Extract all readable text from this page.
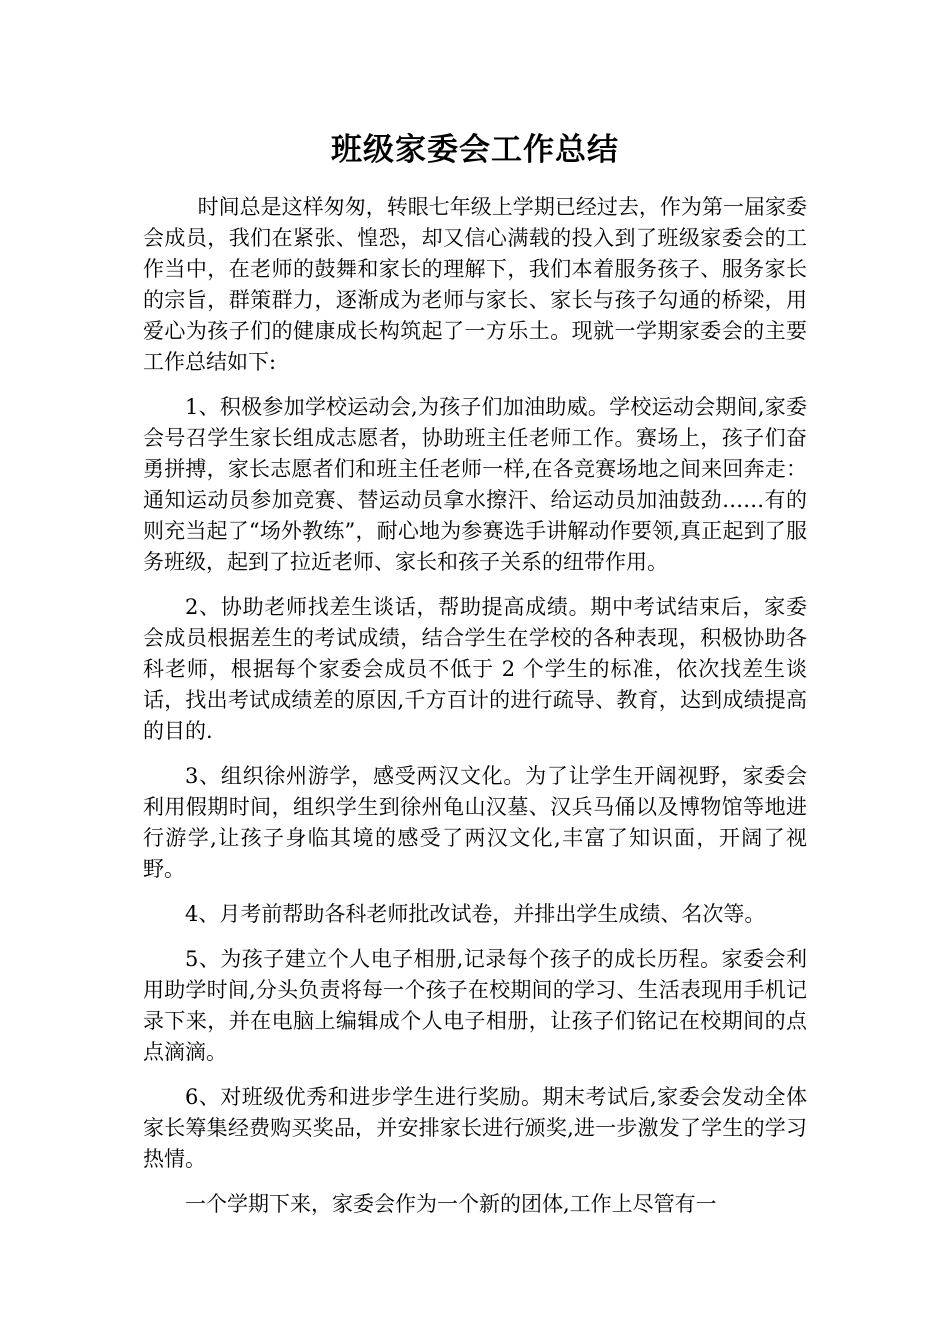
班级家委会工作总结

时间总是这样匆匆，转眼七年级上学期已经过去，作为第一届家委会成员，我们在紧张、惶恐，却又信心满载的投入到了班级家委会的工作当中，在老师的鼓舞和家长的理解下，我们本着服务孩子、服务家长的宗旨，群策群力，逐渐成为老师与家长、家长与孩子勾通的桥梁，用爱心为孩子们的健康成长构筑起了一方乐土。现就一学期家委会的主要工作总结如下:

1、积极参加学校运动会,为孩子们加油助威。学校运动会期间,家委会号召学生家长组成志愿者，协助班主任老师工作。赛场上，孩子们奋勇拼搏，家长志愿者们和班主任老师一样,在各竞赛场地之间来回奔走：通知运动员参加竞赛、替运动员拿水擦汗、给运动员加油鼓劲……有的则充当起了“场外教练”，耐心地为参赛选手讲解动作要领,真正起到了服务班级，起到了拉近老师、家长和孩子关系的纽带作用。

2、协助老师找差生谈话，帮助提高成绩。期中考试结束后，家委会成员根据差生的考试成绩，结合学生在学校的各种表现，积极协助各科老师，根据每个家委会成员不低于 2 个学生的标准，依次找差生谈话，找出考试成绩差的原因,千方百计的进行疏导、教育，达到成绩提高的目的.

3、组织徐州游学，感受两汉文化。为了让学生开阔视野，家委会利用假期时间，组织学生到徐州龟山汉墓、汉兵马俑以及博物馆等地进行游学,让孩子身临其境的感受了两汉文化,丰富了知识面，开阔了视野。

4、月考前帮助各科老师批改试卷，并排出学生成绩、名次等。

5、为孩子建立个人电子相册,记录每个孩子的成长历程。家委会利用助学时间,分头负责将每一个孩子在校期间的学习、生活表现用手机记录下来，并在电脑上编辑成个人电子相册，让孩子们铭记在校期间的点点滴滴。

6、对班级优秀和进步学生进行奖励。期末考试后,家委会发动全体家长筹集经费购买奖品，并安排家长进行颁奖,进一步激发了学生的学习热情。

一个学期下来，家委会作为一个新的团体,工作上尽管有一
